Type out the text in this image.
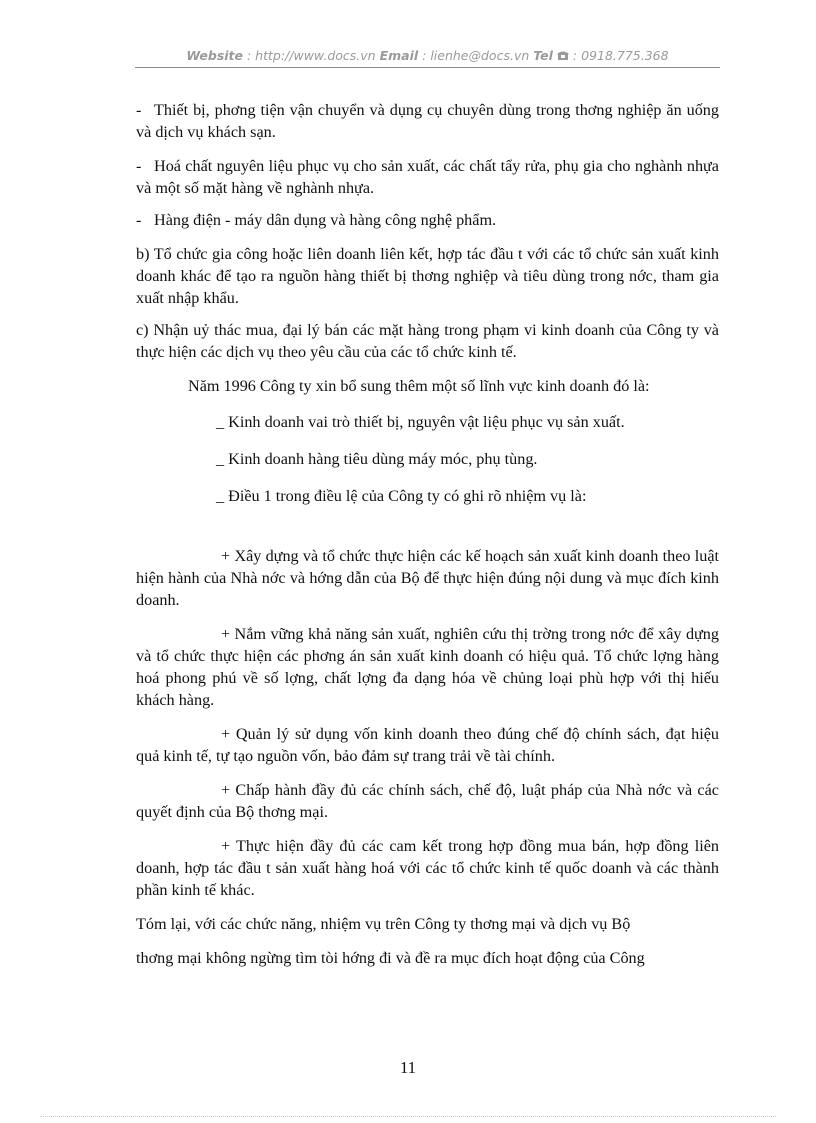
Website : http://www.docs.vn Email : lienhe@docs.vn Tel : 0918.775.368

- Thiết bị, phơng tiện vận chuyển và dụng cụ chuyên dùng trong thơng nghiệp ăn uống và dịch vụ khách sạn.

- Hoá chất nguyên liệu phục vụ cho sản xuất, các chất tẩy rửa, phụ gia cho nghành nhựa và một số mặt hàng về nghành nhựa.

- Hàng điện - máy dân dụng và hàng công nghệ phẩm.

b) Tổ chức gia công hoặc liên doanh liên kết, hợp tác đầu t với các tổ chức sản xuất kinh doanh khác để tạo ra nguồn hàng thiết bị thơng nghiệp và tiêu dùng trong nớc, tham gia xuất nhập khẩu.

c) Nhận uỷ thác mua, đại lý bán các mặt hàng trong phạm vi kinh doanh của Công ty và thực hiện các dịch vụ theo yêu cầu của các tổ chức kinh tế.

Năm 1996 Công ty xin bổ sung thêm một số lĩnh vực kinh doanh đó là:

_ Kinh doanh vai trò thiết bị, nguyên vật liệu phục vụ sản xuất.

_ Kinh doanh hàng tiêu dùng máy móc, phụ tùng.

_ Điều 1 trong điều lệ của Công ty có ghi rõ nhiệm vụ là:

+ Xây dựng và tổ chức thực hiện các kế hoạch sản xuất kinh doanh theo luật hiện hành của Nhà nớc và hớng dẫn của Bộ để thực hiện đúng nội dung và mục đích kinh doanh.

+ Nắm vững khả năng sản xuất, nghiên cứu thị trờng trong nớc để xây dựng và tổ chức thực hiện các phơng án sản xuất kinh doanh có hiệu quả. Tổ chức lợng hàng hoá phong phú về số lợng, chất lợng đa dạng hóa về chủng loại phù hợp với thị hiếu khách hàng.

+ Quản lý sử dụng vốn kinh doanh theo đúng chế độ chính sách, đạt hiệu quả kinh tế, tự tạo nguồn vốn, bảo đảm sự trang trải về tài chính.

+ Chấp hành đầy đủ các chính sách, chế độ, luật pháp của Nhà nớc và các quyết định của Bộ thơng mại.

+ Thực hiện đầy đủ các cam kết trong hợp đồng mua bán, hợp đồng liên doanh, hợp tác đầu t sản xuất hàng hoá với các tổ chức kinh tế quốc doanh và các thành phần kinh tế khác.

Tóm lại, với các chức năng, nhiệm vụ trên Công ty thơng mại và dịch vụ Bộ

thơng mại không ngừng tìm tòi hớng đi và đề ra mục đích hoạt động của Công

11
